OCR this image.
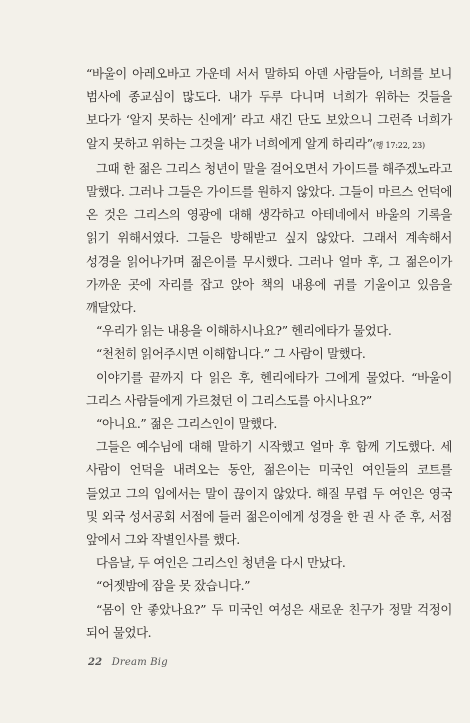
“바울이 아레오바고 가운데 서서 말하되 아덴 사람들아, 너희를 보니 범사에 종교심이 많도다. 내가 두루 다니며 너희가 위하는 것들을 보다가 ‘알지 못하는 신에게’ 라고 새긴 단도 보았으니 그런즉 너희가 알지 못하고 위하는 그것을 내가 너희에게 알게 하리라”(행 17:22, 23)

그때 한 젊은 그리스 청년이 말을 걸어오면서 가이드를 해주겠노라고 말했다. 그러나 그들은 가이드를 원하지 않았다. 그들이 마르스 언덕에 온 것은 그리스의 영광에 대해 생각하고 아테네에서 바울의 기록을 읽기 위해서였다. 그들은 방해받고 싶지 않았다. 그래서 계속해서 성경을 읽어나가며 젊은이를 무시했다. 그러나 얼마 후, 그 젊은이가 가까운 곳에 자리를 잡고 앉아 책의 내용에 귀를 기울이고 있음을 깨달았다.

“우리가 읽는 내용을 이해하시나요?” 헨리에타가 물었다.

“천천히 읽어주시면 이해합니다.” 그 사람이 말했다.

이야기를 끝까지 다 읽은 후, 헨리에타가 그에게 물었다. “바울이 그리스 사람들에게 가르쳤던 이 그리스도를 아시나요?”

“아니요.” 젊은 그리스인이 말했다.

그들은 예수님에 대해 말하기 시작했고 얼마 후 함께 기도했다. 세 사람이 언덕을 내려오는 동안, 젊은이는 미국인 여인들의 코트를 들었고 그의 입에서는 말이 끊이지 않았다. 해질 무렵 두 여인은 영국 및 외국 성서공회 서점에 들러 젊은이에게 성경을 한 권 사 준 후, 서점 앞에서 그와 작별인사를 했다.

다음날, 두 여인은 그리스인 청년을 다시 만났다.

“어젯밤에 잠을 못 잤습니다.”

“몸이 안 좋았나요?” 두 미국인 여성은 새로운 친구가 정말 걱정이 되어 물었다.

22 Dream Big
